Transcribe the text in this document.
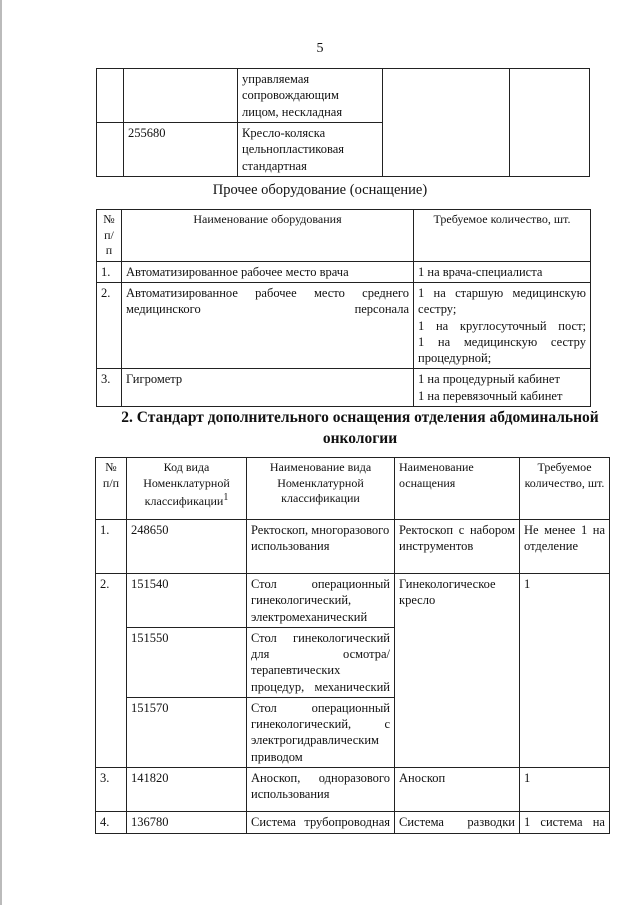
5
		управляемая сопровождающим лицом, нескладная		
	255680	Кресло-коляска цельнопластиковая стандартная		
Прочее оборудование (оснащение)
№ п/п	Наименование оборудования	Требуемое количество, шт.
1.	Автоматизированное рабочее место врача	1 на врача-специалиста
2.	Автоматизированное рабочее место среднего медицинского персонала	1 на старшую медицинскую сестру;
1 на круглосуточный пост;
1 на медицинскую сестру процедурной;

3.	Гигрометр	1 на процедурный кабинет
1 на перевязочный кабинет
2. Стандарт дополнительного оснащения отделения абдоминальной онкологии
№ п/п	Код вида Номенклатурной классификации$^1$	Наименование вида Номенклатурной классификации	Наименование оснащения	Требуемое количество, шт.
1.	248650	Ректоскоп, многоразового использования	Ректоскоп с набором инструментов	Не менее 1 на отделение
2.	151540	Стол операционный гинекологический, электромеханический	Гинекологическое кресло	1
	151550	Стол гинекологический для осмотра/терапевтических процедур, механический		
	151570	Стол операционный гинекологический, с электрогидравлическим приводом		
3.	141820	Аноскоп, одноразового использования	Аноскоп	1
4.	136780	Система трубопроводная	Система разводки	1 система на
